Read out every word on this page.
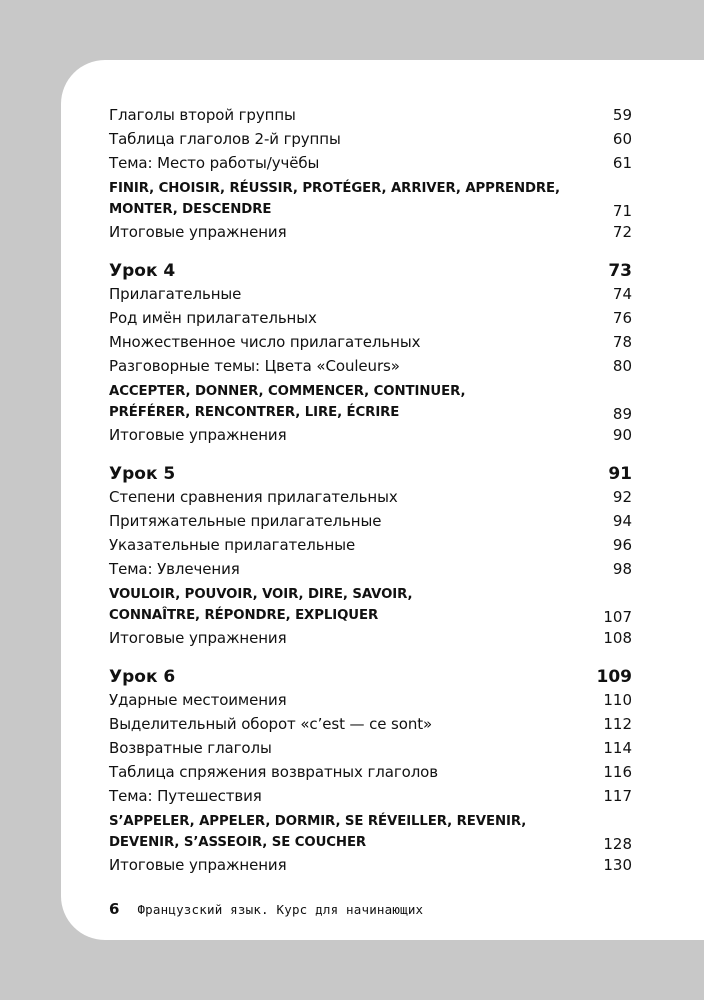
Глаголы второй группы	59
Таблица глаголов 2-й группы	60
Тема: Место работы/учёбы	61
FINIR, CHOISIR, RÉUSSIR, PROTÉGER, ARRIVER, APPRENDRE,
MONTER, DESCENDRE	71
Итоговые упражнения	72
Урок 4	73
Прилагательные	74
Род имён прилагательных	76
Множественное число прилагательных	78
Разговорные темы: Цвета «Couleurs»	80
ACCEPTER, DONNER, COMMENCER, CONTINUER,
PRÉFÉRER, RENCONTRER, LIRE, ÉCRIRE	89
Итоговые упражнения	90
Урок 5	91
Степени сравнения прилагательных	92
Притяжательные прилагательные	94
Указательные прилагательные	96
Тема: Увлечения	98
VOULOIR, POUVOIR, VOIR, DIRE, SAVOIR,
CONNAÎTRE, RÉPONDRE, EXPLIQUER	107
Итоговые упражнения	108
Урок 6	109
Ударные местоимения	110
Выделительный оборот «c’est — ce sont»	112
Возвратные глаголы	114
Таблица спряжения возвратных глаголов	116
Тема: Путешествия	117
S’APPELER, APPELER, DORMIR, SE RÉVEILLER, REVENIR,
DEVENIR, S’ASSEOIR, SE COUCHER	128
Итоговые упражнения	130
6 Французский язык. Курс для начинающих
